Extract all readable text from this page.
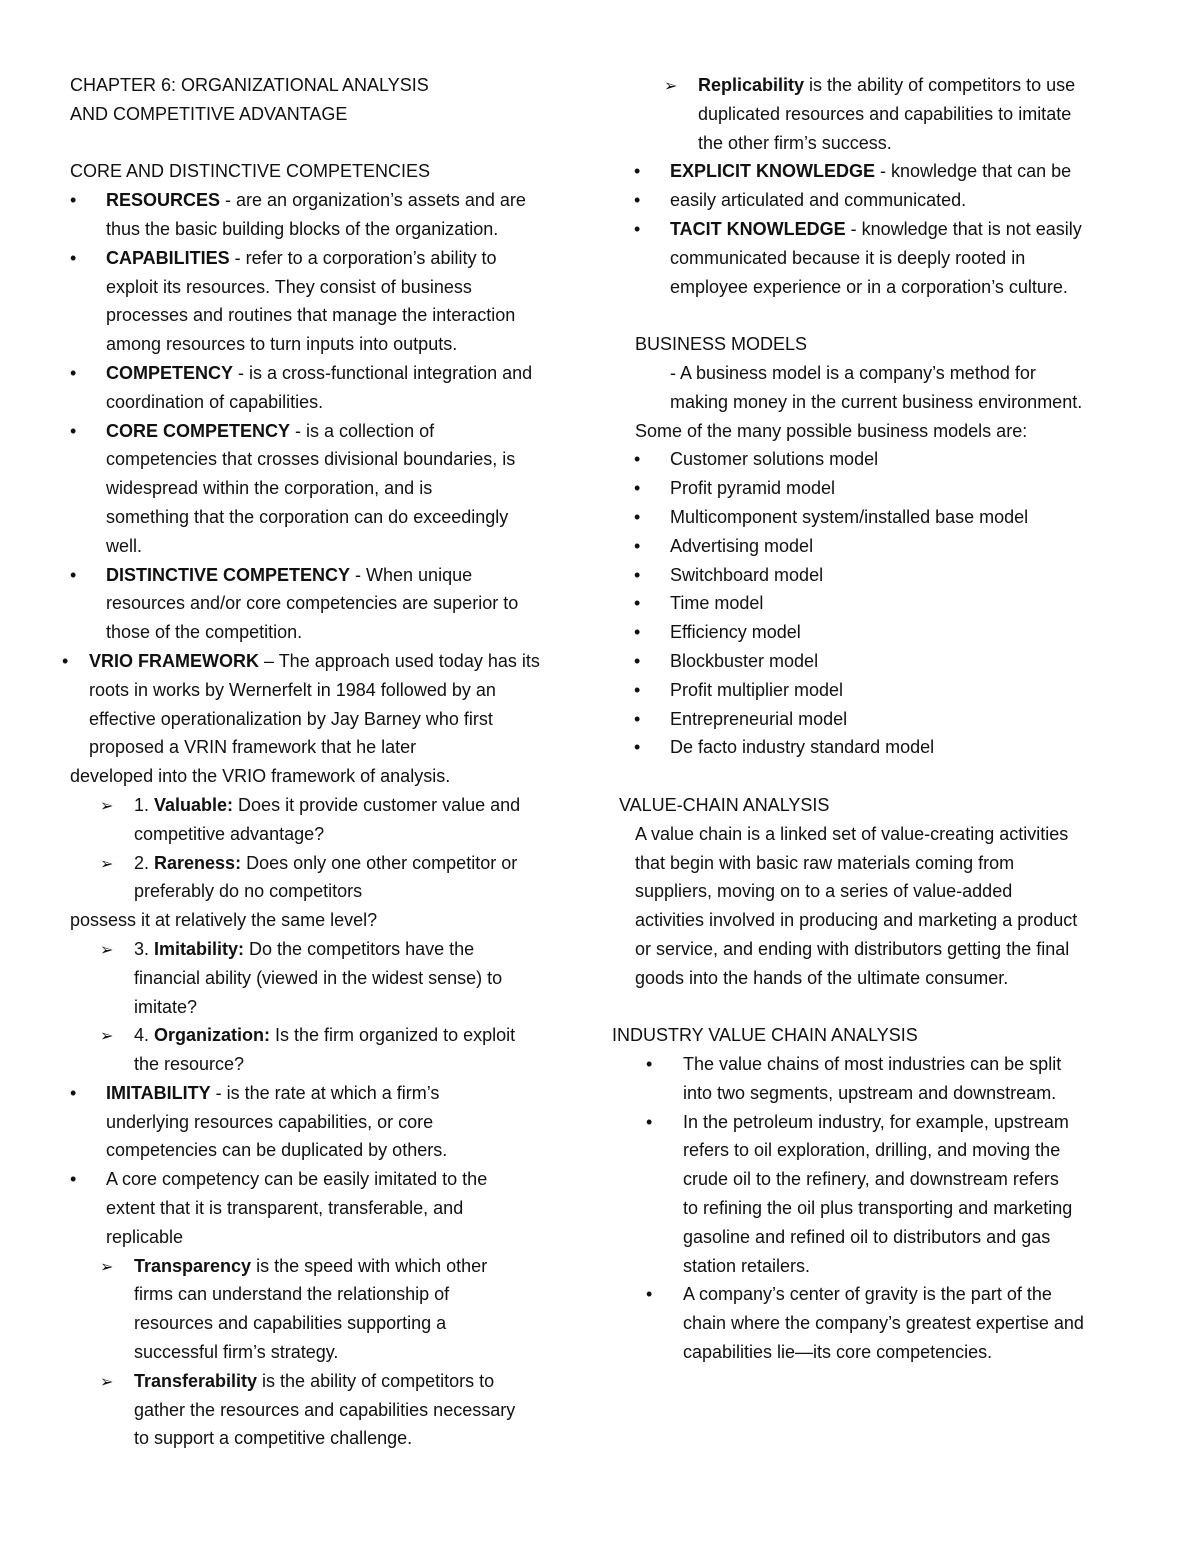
CHAPTER 6: ORGANIZATIONAL ANALYSIS
AND COMPETITIVE ADVANTAGE
CORE AND DISTINCTIVE COMPETENCIES
•
RESOURCES - are an organization’s assets and are
thus the basic building blocks of the organization.
•
CAPABILITIES - refer to a corporation’s ability to
exploit its resources. They consist of business
processes and routines that manage the interaction
among resources to turn inputs into outputs.
•
COMPETENCY - is a cross-functional integration and
coordination of capabilities.
•
CORE COMPETENCY - is a collection of
competencies that crosses divisional boundaries, is
widespread within the corporation, and is
something that the corporation can do exceedingly
well.
•
DISTINCTIVE COMPETENCY - When unique
resources and/or core competencies are superior to
those of the competition.
•
VRIO FRAMEWORK – The approach used today has its
roots in works by Wernerfelt in 1984 followed by an
effective operationalization by Jay Barney who first
proposed a VRIN framework that he later
developed into the VRIO framework of analysis.
➢
1. Valuable: Does it provide customer value and
competitive advantage?
➢
2. Rareness: Does only one other competitor or
preferably do no competitors
possess it at relatively the same level?
➢
3. Imitability: Do the competitors have the
financial ability (viewed in the widest sense) to
imitate?
➢
4. Organization: Is the firm organized to exploit
the resource?
•
IMITABILITY - is the rate at which a firm’s
underlying resources capabilities, or core
competencies can be duplicated by others.
•
A core competency can be easily imitated to the
extent that it is transparent, transferable, and
replicable
➢
Transparency is the speed with which other
firms can understand the relationship of
resources and capabilities supporting a
successful firm’s strategy.
➢
Transferability is the ability of competitors to
gather the resources and capabilities necessary
to support a competitive challenge.
➢
Replicability is the ability of competitors to use
duplicated resources and capabilities to imitate
the other firm’s success.
•
EXPLICIT KNOWLEDGE - knowledge that can be
•
easily articulated and communicated.
•
TACIT KNOWLEDGE - knowledge that is not easily
communicated because it is deeply rooted in
employee experience or in a corporation’s culture.
BUSINESS MODELS
- A business model is a company’s method for
making money in the current business environment.
Some of the many possible business models are:
•
Customer solutions model
•
Profit pyramid model
•
Multicomponent system/installed base model
•
Advertising model
•
Switchboard model
•
Time model
•
Efficiency model
•
Blockbuster model
•
Profit multiplier model
•
Entrepreneurial model
•
De facto industry standard model
VALUE-CHAIN ANALYSIS
A value chain is a linked set of value-creating activities
that begin with basic raw materials coming from
suppliers, moving on to a series of value-added
activities involved in producing and marketing a product
or service, and ending with distributors getting the final
goods into the hands of the ultimate consumer.
INDUSTRY VALUE CHAIN ANALYSIS
•
The value chains of most industries can be split
into two segments, upstream and downstream.
•
In the petroleum industry, for example, upstream
refers to oil exploration, drilling, and moving the
crude oil to the refinery, and downstream refers
to refining the oil plus transporting and marketing
gasoline and refined oil to distributors and gas
station retailers.
•
A company’s center of gravity is the part of the
chain where the company’s greatest expertise and
capabilities lie—its core competencies.
